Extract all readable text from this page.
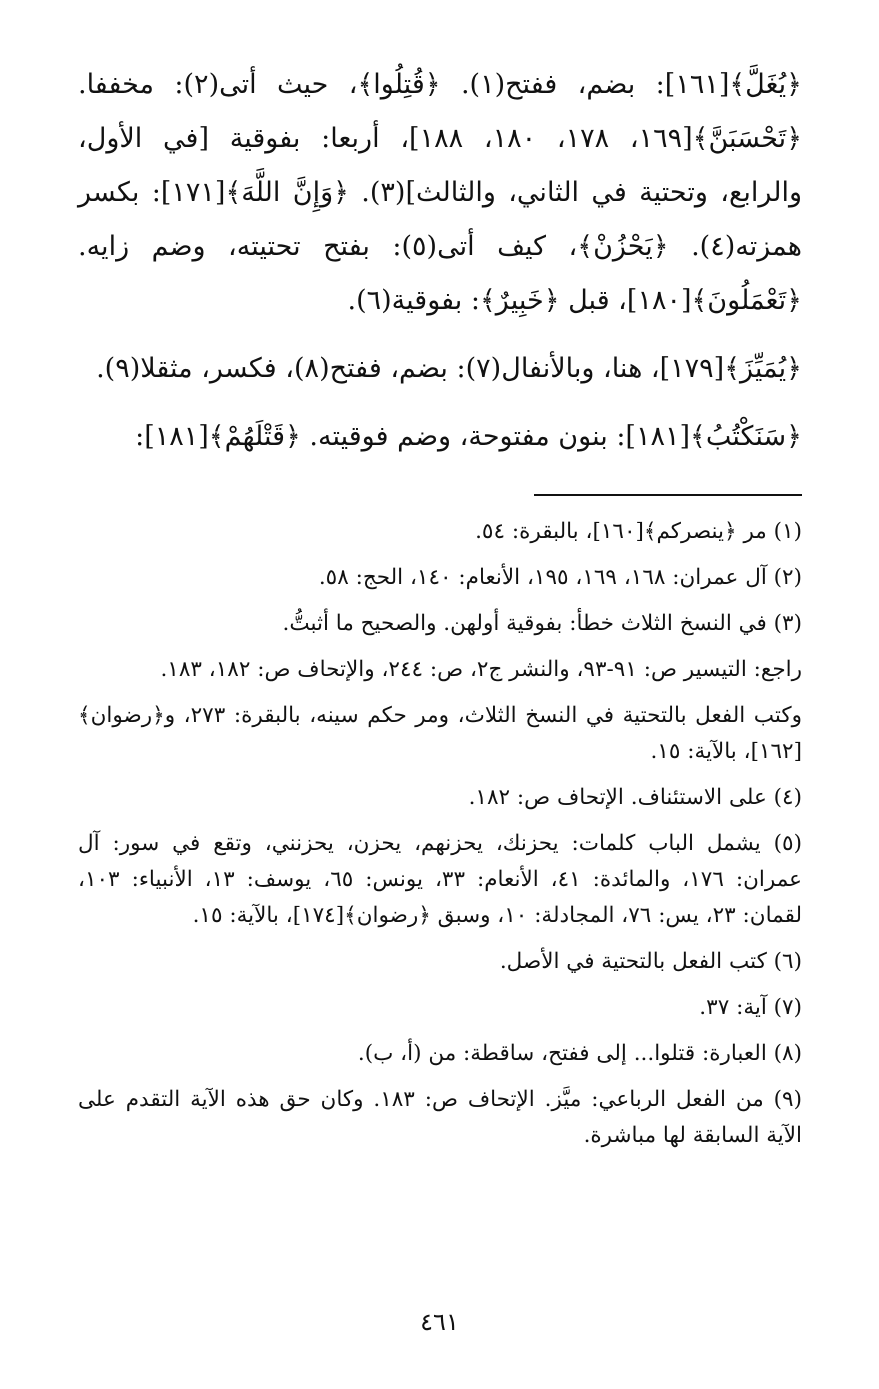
﴿يُغَلَّ﴾[١٦١]: بضم، ففتح(١). ﴿قُتِلُوا﴾، حيث أتى(٢): مخففا. ﴿تَحْسَبَنَّ﴾[١٦٩، ١٧٨، ١٨٠، ١٨٨]، أربعا: بفوقية [في الأول، والرابع، وتحتية في الثاني، والثالث](٣). ﴿وَإِنَّ اللَّهَ﴾[١٧١]: بكسر همزته(٤). ﴿يَحْزُنْ﴾، كيف أتى(٥): بفتح تحتيته، وضم زايه. ﴿تَعْمَلُونَ﴾[١٨٠]، قبل ﴿خَبِيرٌ﴾: بفوقية(٦).

﴿يُمَيِّزَ﴾[١٧٩]، هنا، وبالأنفال(٧): بضم، ففتح(٨)، فكسر، مثقلا(٩).

﴿سَنَكْتُبُ﴾[١٨١]: بنون مفتوحة، وضم فوقيته. ﴿قَتْلَهُمْ﴾[١٨١]:

(١) مر ﴿ينصركم﴾[١٦٠]، بالبقرة: ٥٤.

(٢) آل عمران: ١٦٨، ١٦٩، ١٩٥، الأنعام: ١٤٠، الحج: ٥٨.

(٣) في النسخ الثلاث خطأ: بفوقية أولهن. والصحيح ما أثبتُّ.

راجع: التيسير ص: ٩١-٩٣، والنشر ج٢، ص: ٢٤٤، والإتحاف ص: ١٨٢، ١٨٣.

وكتب الفعل بالتحتية في النسخ الثلاث، ومر حكم سينه، بالبقرة: ٢٧٣، و﴿رضوان﴾[١٦٢]، بالآية: ١٥.

(٤) على الاستئناف. الإتحاف ص: ١٨٢.

(٥) يشمل الباب كلمات: يحزنك، يحزنهم، يحزن، يحزنني، وتقع في سور: آل عمران: ١٧٦، والمائدة: ٤١، الأنعام: ٣٣، يونس: ٦٥، يوسف: ١٣، الأنبياء: ١٠٣، لقمان: ٢٣، يس: ٧٦، المجادلة: ١٠، وسبق ﴿رضوان﴾[١٧٤]، بالآية: ١٥.

(٦) كتب الفعل بالتحتية في الأصل.

(٧) آية: ٣٧.

(٨) العبارة: قتلوا... إلى ففتح، ساقطة: من (أ، ب).

(٩) من الفعل الرباعي: ميَّز. الإتحاف ص: ١٨٣. وكان حق هذه الآية التقدم على الآية السابقة لها مباشرة.

٤٦١
